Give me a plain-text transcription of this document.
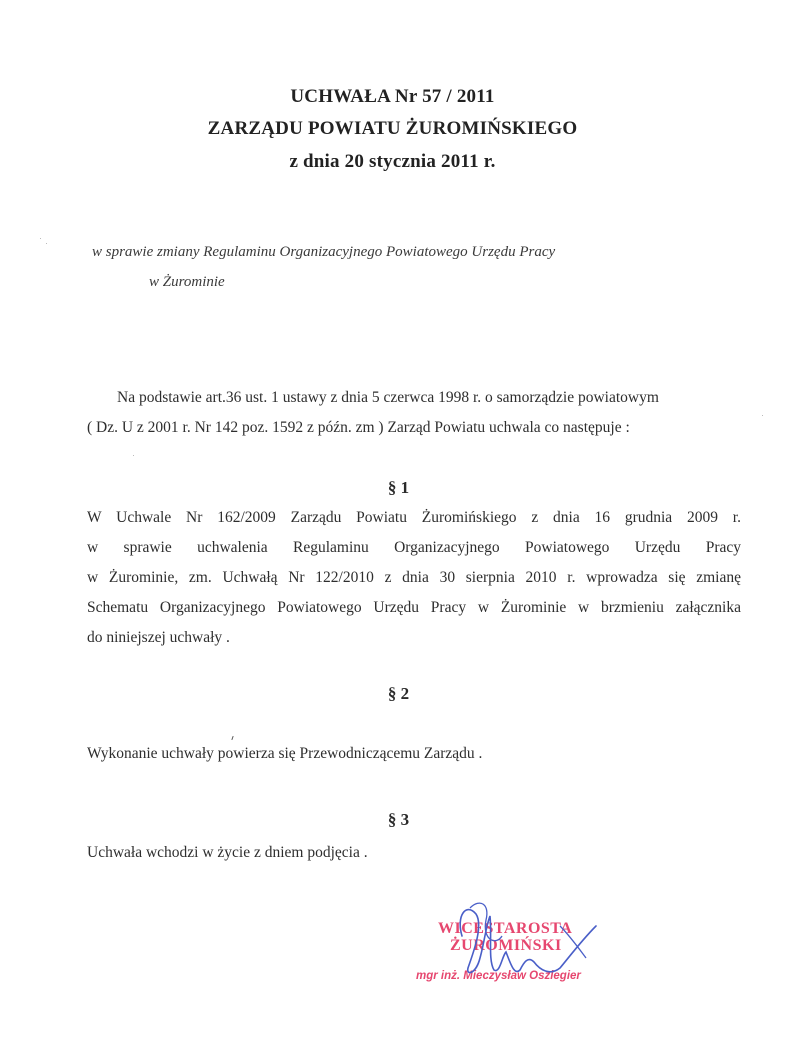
UCHWAŁA Nr 57 / 2011
ZARZĄDU POWIATU ŻUROMIŃSKIEGO
z dnia 20 stycznia 2011 r.
w sprawie zmiany Regulaminu Organizacyjnego Powiatowego Urzędu Pracy
w Żurominie
Na podstawie art.36 ust. 1 ustawy z dnia 5 czerwca 1998 r. o samorządzie powiatowym
( Dz. U z 2001 r. Nr 142 poz. 1592 z późn. zm ) Zarząd Powiatu uchwala co następuje :
§ 1
W Uchwale Nr 162/2009 Zarządu Powiatu Żuromińskiego z dnia 16 grudnia 2009 r.
w sprawie uchwalenia Regulaminu Organizacyjnego Powiatowego Urzędu Pracy
w Żurominie, zm. Uchwałą Nr 122/2010 z dnia 30 sierpnia 2010 r. wprowadza się zmianę
Schematu Organizacyjnego Powiatowego Urzędu Pracy w Żurominie w brzmieniu załącznika
do niniejszej uchwały .
§ 2
Wykonanie uchwały powierza się Przewodniczącemu Zarządu .
§ 3
Uchwała wchodzi w życie z dniem podjęcia .
WICESTAROSTA
ŻUROMIŃSKI
mgr inż. Mieczysław Oszlegier
